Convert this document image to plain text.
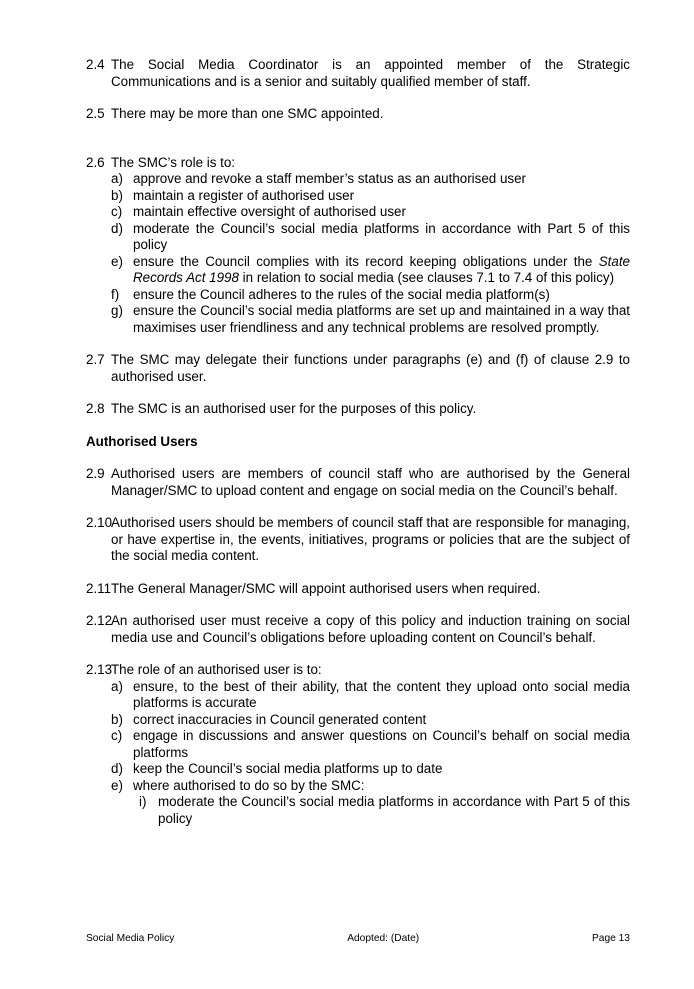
2.4 The Social Media Coordinator is an appointed member of the Strategic Communications and is a senior and suitably qualified member of staff.
2.5 There may be more than one SMC appointed.
2.6 The SMC’s role is to:
a) approve and revoke a staff member’s status as an authorised user
b) maintain a register of authorised user
c) maintain effective oversight of authorised user
d) moderate the Council’s social media platforms in accordance with Part 5 of this policy
e) ensure the Council complies with its record keeping obligations under the State Records Act 1998 in relation to social media (see clauses 7.1 to 7.4 of this policy)
f) ensure the Council adheres to the rules of the social media platform(s)
g) ensure the Council’s social media platforms are set up and maintained in a way that maximises user friendliness and any technical problems are resolved promptly.
2.7 The SMC may delegate their functions under paragraphs (e) and (f) of clause 2.9 to authorised user.
2.8 The SMC is an authorised user for the purposes of this policy.
Authorised Users
2.9 Authorised users are members of council staff who are authorised by the General Manager/SMC to upload content and engage on social media on the Council’s behalf.
2.10
Authorised users should be members of council staff that are responsible for managing, or have expertise in, the events, initiatives, programs or policies that are the subject of the social media content.
2.11 The General Manager/SMC will appoint authorised users when required.
2.12
An authorised user must receive a copy of this policy and induction training on social media use and Council’s obligations before uploading content on Council’s behalf.
2.13
The role of an authorised user is to:
a) ensure, to the best of their ability, that the content they upload onto social media platforms is accurate
b) correct inaccuracies in Council generated content
c) engage in discussions and answer questions on Council’s behalf on social media platforms
d) keep the Council’s social media platforms up to date
e) where authorised to do so by the SMC:
i) moderate the Council’s social media platforms in accordance with Part 5 of this policy
Social Media Policy	Adopted: (Date)	Page 13
